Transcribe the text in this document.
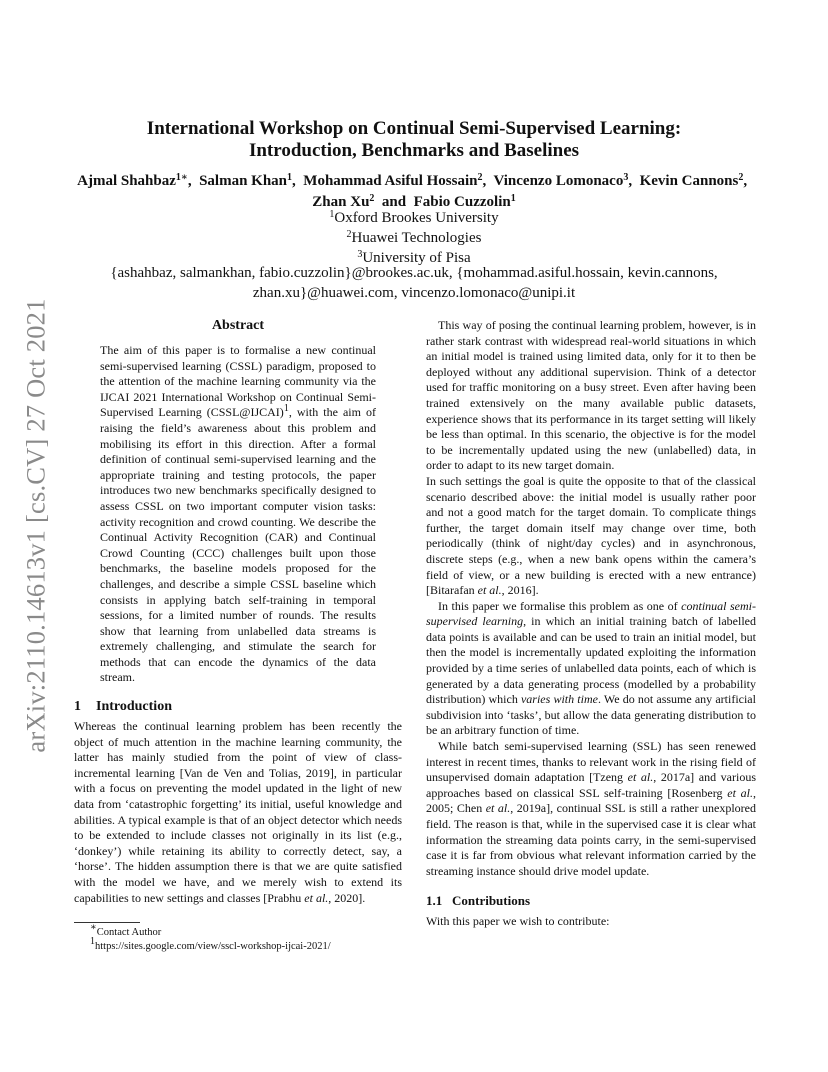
arXiv:2110.14613v1 [cs.CV] 27 Oct 2021
International Workshop on Continual Semi-Supervised Learning:
Introduction, Benchmarks and Baselines
Ajmal Shahbaz$^{1∗}$,  Salman Khan$^1$,  Mohammad Asiful Hossain$^2$,  Vincenzo Lomonaco$^3$,  Kevin Cannons$^2$,  Zhan Xu$^2$ and Fabio Cuzzolin$^1$
$^1$Oxford Brookes University
$^2$Huawei Technologies
$^3$University of Pisa
{ashahbaz, salmankhan, fabio.cuzzolin}@brookes.ac.uk, {mohammad.asiful.hossain, kevin.cannons,
zhan.xu}@huawei.com, vincenzo.lomonaco@unipi.it
Abstract

The aim of this paper is to formalise a new continual semi-supervised learning (CSSL) paradigm, proposed to the attention of the machine learning community via the IJCAI 2021 International Workshop on Continual Semi-Supervised Learning (CSSL@IJCAI)$^1$, with the aim of raising the field’s awareness about this problem and mobilising its effort in this direction. After a formal definition of continual semi-supervised learning and the appropriate training and testing protocols, the paper introduces two new benchmarks specifically designed to assess CSSL on two important computer vision tasks: activity recognition and crowd counting. We describe the Continual Activity Recognition (CAR) and Continual Crowd Counting (CCC) challenges built upon those benchmarks, the baseline models proposed for the challenges, and describe a simple CSSL baseline which consists in applying batch self-training in temporal sessions, for a limited number of rounds. The results show that learning from unlabelled data streams is extremely challenging, and stimulate the search for methods that can encode the dynamics of the data stream.

1 Introduction

Whereas the continual learning problem has been recently the object of much attention in the machine learning community, the latter has mainly studied from the point of view of class-incremental learning [Van de Ven and Tolias, 2019], in particular with a focus on preventing the model updated in the light of new data from ‘catastrophic forgetting’ its initial, useful knowledge and abilities. A typical example is that of an object detector which needs to be extended to include classes not originally in its list (e.g., ‘donkey’) while retaining its ability to correctly detect, say, a ‘horse’. The hidden assumption there is that we are quite satisfied with the model we have, and we merely wish to extend its capabilities to new settings and classes [Prabhu et al., 2020].

∗Contact Author
$^1$https://sites.google.com/view/sscl-workshop-ijcai-2021/

This way of posing the continual learning problem, however, is in rather stark contrast with widespread real-world situations in which an initial model is trained using limited data, only for it to then be deployed without any additional supervision. Think of a detector used for traffic monitoring on a busy street. Even after having been trained extensively on the many available public datasets, experience shows that its performance in its target setting will likely be less than optimal. In this scenario, the objective is for the model to be incrementally updated using the new (unlabelled) data, in order to adapt to its new target domain.

In such settings the goal is quite the opposite to that of the classical scenario described above: the initial model is usually rather poor and not a good match for the target domain. To complicate things further, the target domain itself may change over time, both periodically (think of night/day cycles) and in asynchronous, discrete steps (e.g., when a new bank opens within the camera’s field of view, or a new building is erected with a new entrance) [Bitarafan et al., 2016].

In this paper we formalise this problem as one of continual semi-supervised learning, in which an initial training batch of labelled data points is available and can be used to train an initial model, but then the model is incrementally updated exploiting the information provided by a time series of unlabelled data points, each of which is generated by a data generating process (modelled by a probability distribution) which varies with time. We do not assume any artificial subdivision into ‘tasks’, but allow the data generating distribution to be an arbitrary function of time.

While batch semi-supervised learning (SSL) has seen renewed interest in recent times, thanks to relevant work in the rising field of unsupervised domain adaptation [Tzeng et al., 2017a] and various approaches based on classical SSL self-training [Rosenberg et al., 2005; Chen et al., 2019a], continual SSL is still a rather unexplored field. The reason is that, while in the supervised case it is clear what information the streaming data points carry, in the semi-supervised case it is far from obvious what relevant information carried by the streaming instance should drive model update.

1.1 Contributions

With this paper we wish to contribute:
